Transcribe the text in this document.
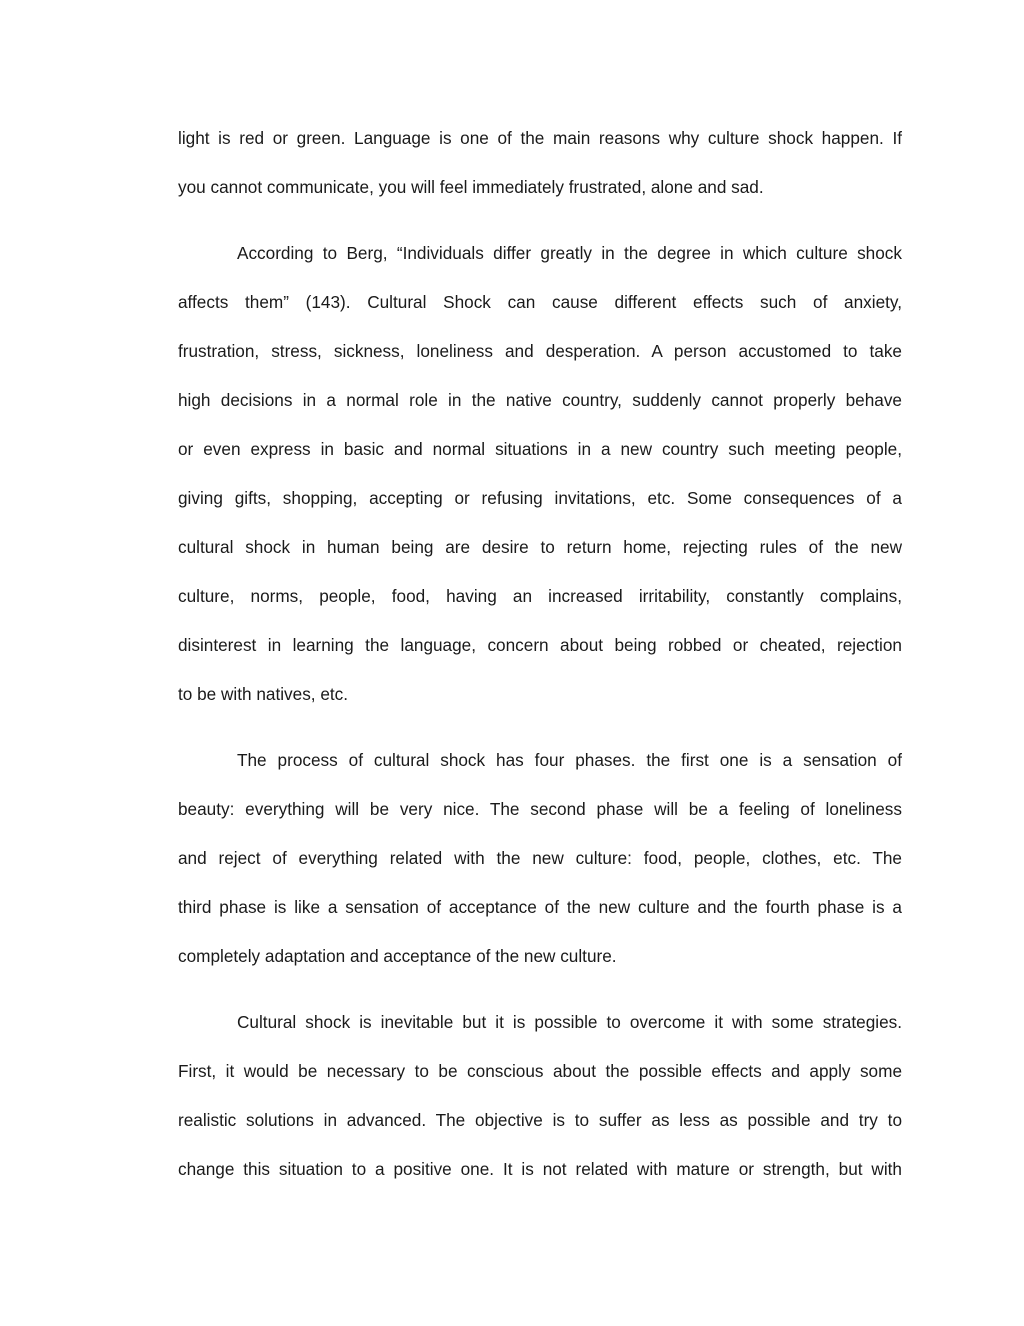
light is red or green. Language is one of the main reasons why culture shock happen. If
you cannot communicate, you will feel immediately frustrated, alone and sad.
According to Berg, “Individuals differ greatly in the degree in which culture shock
affects them” (143). Cultural Shock can cause different effects such of anxiety,
frustration, stress, sickness, loneliness and desperation. A person accustomed to take
high decisions in a normal role in the native country, suddenly cannot properly behave
or even express in basic and normal situations in a new country such meeting people,
giving gifts, shopping, accepting or refusing invitations, etc. Some consequences of a
cultural shock in human being are desire to return home, rejecting rules of the new
culture, norms, people, food, having an increased irritability, constantly complains,
disinterest in learning the language, concern about being robbed or cheated, rejection
to be with natives, etc.
The process of cultural shock has four phases. the first one is a sensation of
beauty: everything will be very nice. The second phase will be a feeling of loneliness
and reject of everything related with the new culture: food, people, clothes, etc. The
third phase is like a sensation of acceptance of the new culture and the fourth phase is a
completely adaptation and acceptance of the new culture.
Cultural shock is inevitable but it is possible to overcome it with some strategies.
First, it would be necessary to be conscious about the possible effects and apply some
realistic solutions in advanced. The objective is to suffer as less as possible and try to
change this situation to a positive one. It is not related with mature or strength, but with
